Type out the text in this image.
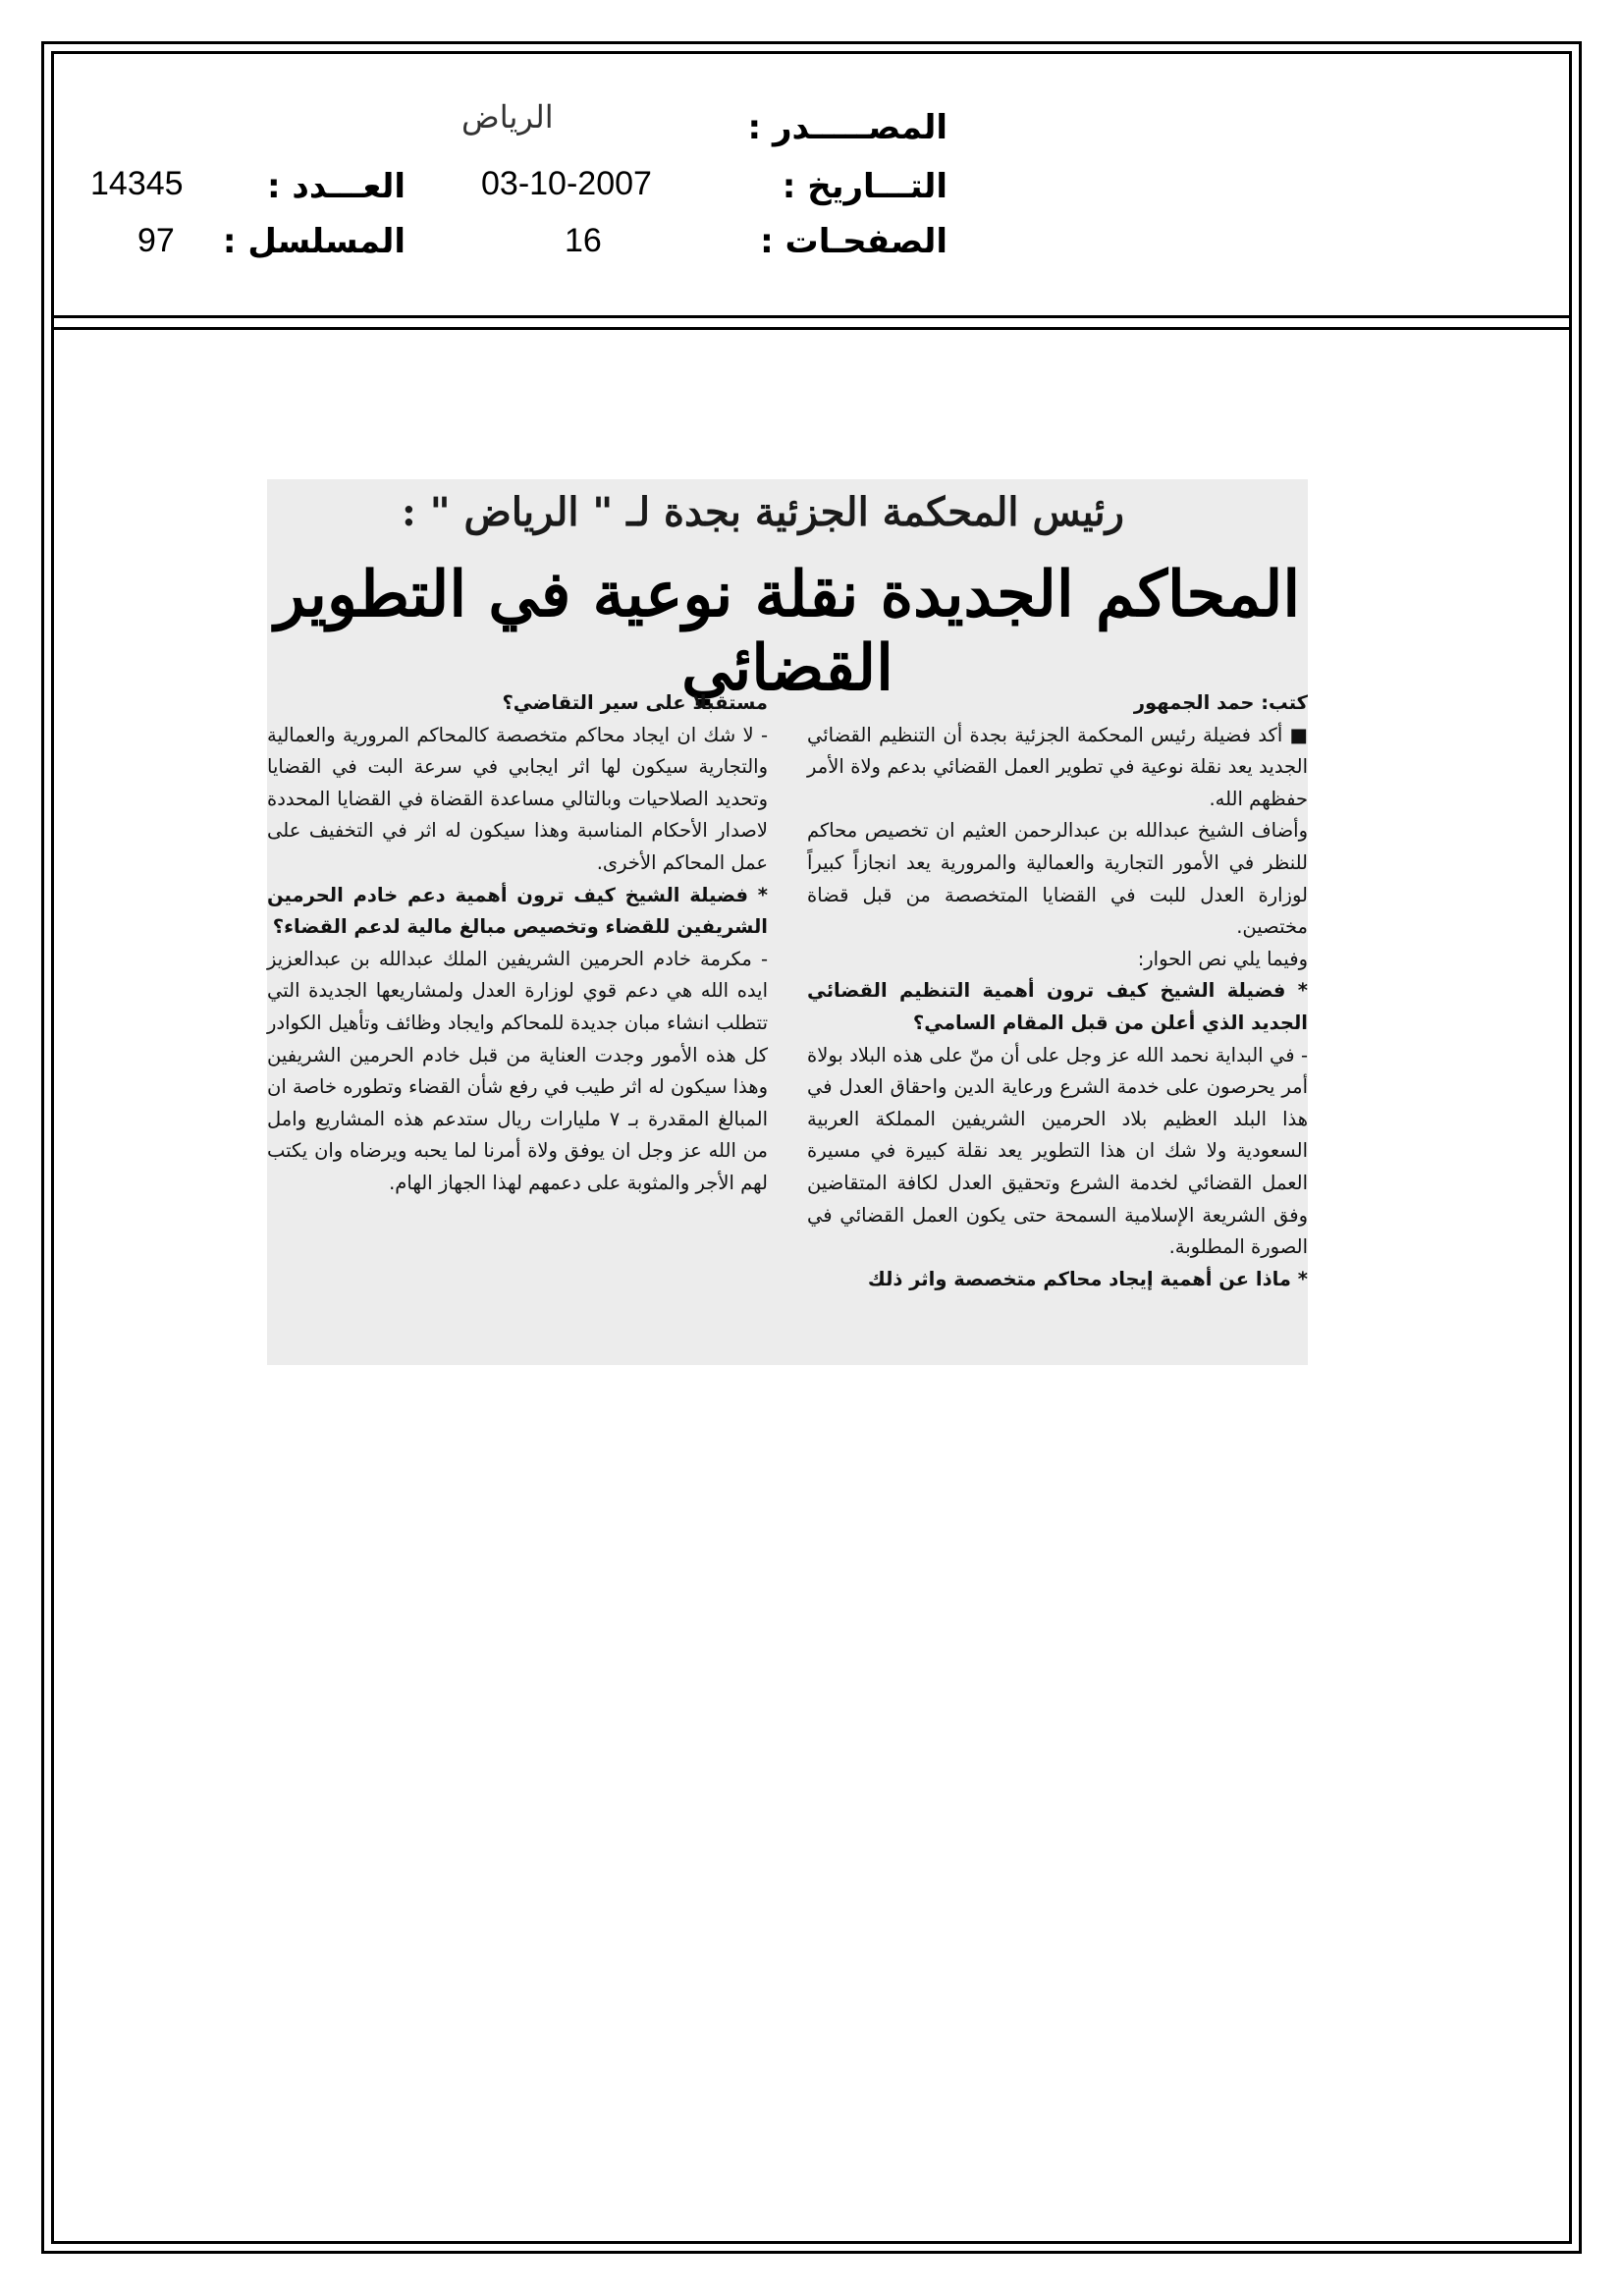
المصـــــدر :
التـــاريخ :
الصفحـات :
الرياض
03-10-2007
16
العـــدد :
المسلسل :
14345
97
رئيس المحكمة الجزئية بجدة لـ " الرياض " :
المحاكم الجديدة نقلة نوعية في التطوير القضائي	كتب: حمد الجمهور

■ أكد فضيلة رئيس المحكمة الجزئية بجدة أن التنظيم القضائي الجديد يعد نقلة نوعية في تطوير العمل القضائي بدعم ولاة الأمر حفظهم الله.

وأضاف الشيخ عبدالله بن عبدالرحمن العثيم ان تخصيص محاكم للنظر في الأمور التجارية والعمالية والمرورية يعد انجازاً كبيراً لوزارة العدل للبت في القضايا المتخصصة من قبل قضاة مختصين.

وفيما يلي نص الحوار:

* فضيلة الشيخ كيف ترون أهمية التنظيم القضائي الجديد الذي أعلن من قبل المقام السامي؟

- في البداية نحمد الله عز وجل على أن منّ على هذه البلاد بولاة أمر يحرصون على خدمة الشرع ورعاية الدين واحقاق العدل في هذا البلد العظيم بلاد الحرمين الشريفين المملكة العربية السعودية ولا شك ان هذا التطوير يعد نقلة كبيرة في مسيرة العمل القضائي لخدمة الشرع وتحقيق العدل لكافة المتقاضين وفق الشريعة الإسلامية السمحة حتى يكون العمل القضائي في الصورة المطلوبة.

* ماذا عن أهمية إيجاد محاكم متخصصة واثر ذلك

مستقبلا على سير التقاضي؟

- لا شك ان ايجاد محاكم متخصصة كالمحاكم المرورية والعمالية والتجارية سيكون لها اثر ايجابي في سرعة البت في القضايا وتحديد الصلاحيات وبالتالي مساعدة القضاة في القضايا المحددة لاصدار الأحكام المناسبة وهذا سيكون له اثر في التخفيف على عمل المحاكم الأخرى.

* فضيلة الشيخ كيف ترون أهمية دعم خادم الحرمين الشريفين للقضاء وتخصيص مبالغ مالية لدعم القضاء؟

- مكرمة خادم الحرمين الشريفين الملك عبدالله بن عبدالعزيز ايده الله هي دعم قوي لوزارة العدل ولمشاريعها الجديدة التي تتطلب انشاء مبان جديدة للمحاكم وايجاد وظائف وتأهيل الكوادر كل هذه الأمور وجدت العناية من قبل خادم الحرمين الشريفين وهذا سيكون له اثر طيب في رفع شأن القضاء وتطوره خاصة ان المبالغ المقدرة بـ ٧ مليارات ريال ستدعم هذه المشاريع وامل من الله عز وجل ان يوفق ولاة أمرنا لما يحبه ويرضاه وان يكتب لهم الأجر والمثوبة على دعمهم لهذا الجهاز الهام.
